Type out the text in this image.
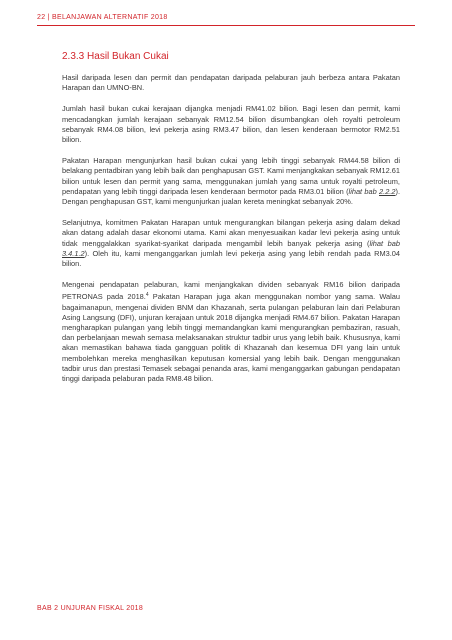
22 | BELANJAWAN ALTERNATIF 2018
2.3.3 Hasil Bukan Cukai

Hasil daripada lesen dan permit dan pendapatan daripada pelaburan jauh berbeza antara Pakatan Harapan dan UMNO-BN.

Jumlah hasil bukan cukai kerajaan dijangka menjadi RM41.02 bilion. Bagi lesen dan permit, kami mencadangkan jumlah kerajaan sebanyak RM12.54 bilion disumbangkan oleh royalti petroleum sebanyak RM4.08 bilion, levi pekerja asing RM3.47 bilion, dan lesen kenderaan bermotor RM2.51 bilion.

Pakatan Harapan mengunjurkan hasil bukan cukai yang lebih tinggi sebanyak RM44.58 bilion di belakang pentadbiran yang lebih baik dan penghapusan GST. Kami menjangkakan sebanyak RM12.61 bilion untuk lesen dan permit yang sama, menggunakan jumlah yang sama untuk royalti petroleum, pendapatan yang lebih tinggi daripada lesen kenderaan bermotor pada RM3.01 bilion (lihat bab 2.2.2). Dengan penghapusan GST, kami mengunjurkan jualan kereta meningkat sebanyak 20%.

Selanjutnya, komitmen Pakatan Harapan untuk mengurangkan bilangan pekerja asing dalam dekad akan datang adalah dasar ekonomi utama. Kami akan menyesuaikan kadar levi pekerja asing untuk tidak menggalakkan syarikat-syarikat daripada mengambil lebih banyak pekerja asing (lihat bab 3.4.1.2). Oleh itu, kami menganggarkan jumlah levi pekerja asing yang lebih rendah pada RM3.04 bilion.

Mengenai pendapatan pelaburan, kami menjangkakan dividen sebanyak RM16 bilion daripada PETRONAS pada 2018.$^4$ Pakatan Harapan juga akan menggunakan nombor yang sama. Walau bagaimanapun, mengenai dividen BNM dan Khazanah, serta pulangan pelaburan lain dari Pelaburan Asing Langsung (DFI), unjuran kerajaan untuk 2018 dijangka menjadi RM4.67 bilion. Pakatan Harapan mengharapkan pulangan yang lebih tinggi memandangkan kami mengurangkan pembaziran, rasuah, dan perbelanjaan mewah semasa melaksanakan struktur tadbir urus yang lebih baik. Khususnya, kami akan memastikan bahawa tiada gangguan politik di Khazanah dan kesemua DFI yang lain untuk membolehkan mereka menghasilkan keputusan komersial yang lebih baik. Dengan menggunakan tadbir urus dan prestasi Temasek sebagai penanda aras, kami menganggarkan gabungan pendapatan tinggi daripada pelaburan pada RM8.48 bilion.

BAB 2 UNJURAN FISKAL 2018
